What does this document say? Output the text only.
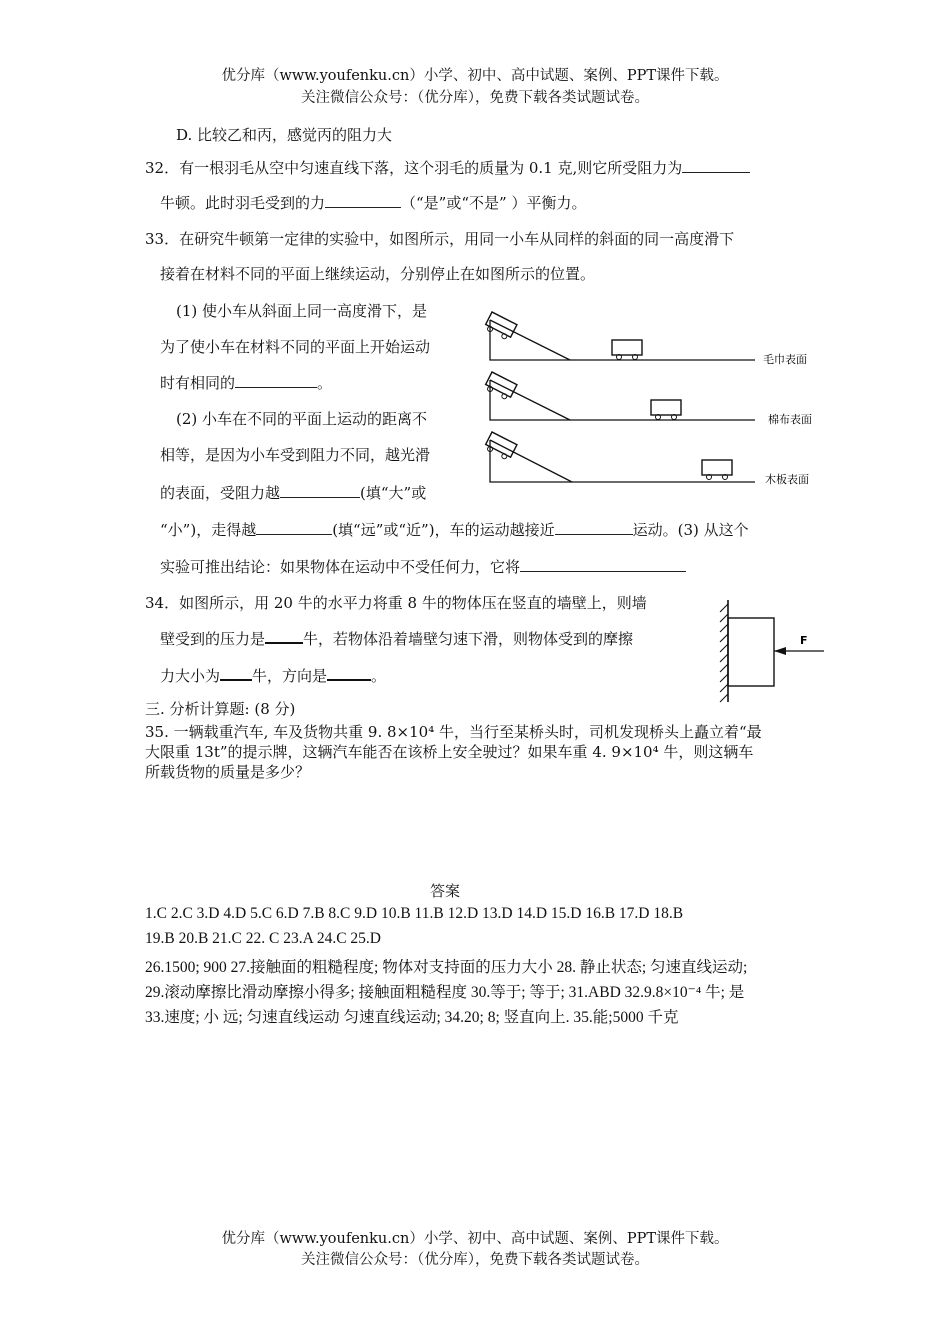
优分库（www.youfenku.cn）小学、初中、高中试题、案例、PPT课件下载。
关注微信公众号：（优分库），免费下载各类试题试卷。
D. 比较乙和丙，感觉丙的阻力大
32．有一根羽毛从空中匀速直线下落，这个羽毛的质量为 0.1 克,则它所受阻力为
牛顿。此时羽毛受到的力	（“是”或“不是” ）平衡力。
33．在研究牛顿第一定律的实验中，如图所示，用同一小车从同样的斜面的同一高度滑下
接着在材料不同的平面上继续运动，分别停止在如图所示的位置。
(1) 使小车从斜面上同一高度滑下，是
为了使小车在材料不同的平面上开始运动
时有相同的	。
(2) 小车在不同的平面上运动的距离不
相等，是因为小车受到阻力不同，越光滑
的表面，受阻力越	(填“大”或
“小”)，走得越	(填“远”或“近”)，车的运动越接近	运动。(3) 从这个
实验可推出结论：如果物体在运动中不受任何力，它将
毛巾表面
棉布表面
木板表面
34．如图所示，用 20 牛的水平力将重 8 牛的物体压在竖直的墙壁上，则墙
壁受到的压力是	牛，若物体沿着墙壁匀速下滑，则物体受到的摩擦
力大小为 牛，方向是	。
F
三. 分析计算题: (8 分)
35. 一辆载重汽车, 车及货物共重 9. 8×10⁴ 牛，当行至某桥头时，司机发现桥头上矗立着“最
大限重 13t”的提示牌，这辆汽车能否在该桥上安全驶过？如果车重 4. 9×10⁴ 牛，则这辆车
所载货物的质量是多少？
答案
1.C 2.C 3.D 4.D 5.C 6.D 7.B 8.C 9.D 10.B 11.B 12.D 13.D 14.D 15.D 16.B 17.D 18.B
19.B 20.B 21.C 22. C 23.A 24.C 25.D
26.1500; 900 27.接触面的粗糙程度; 物体对支持面的压力大小 28. 静止状态; 匀速直线运动;
29.滚动摩擦比滑动摩擦小得多; 接触面粗糙程度 30.等于; 等于; 31.ABD 32.9.8×10⁻⁴ 牛; 是
33.速度; 小 远; 匀速直线运动 匀速直线运动; 34.20; 8; 竖直向上. 35.能;5000 千克
优分库（www.youfenku.cn）小学、初中、高中试题、案例、PPT课件下载。
关注微信公众号：（优分库），免费下载各类试题试卷。
